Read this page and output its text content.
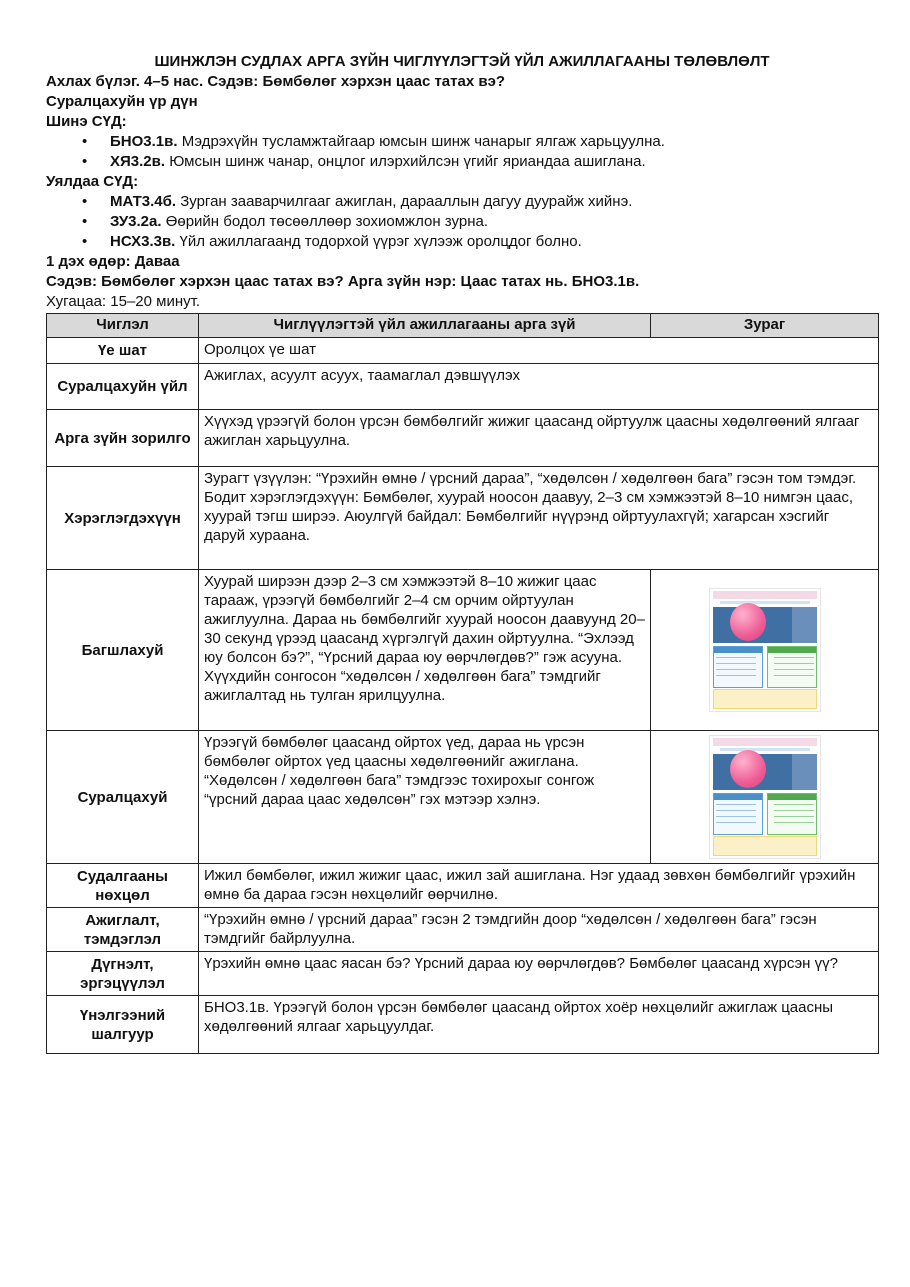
ШИНЖЛЭН СУДЛАХ АРГА ЗҮЙН ЧИГЛҮҮЛЭГТЭЙ ҮЙЛ АЖИЛЛАГААНЫ ТӨЛӨВЛӨЛТ

Ахлах бүлэг. 4–5 нас. Сэдэв: Бөмбөлөг хэрхэн цаас татах вэ?

Суралцахуйн үр дүн

Шинэ СҮД:

• БНО3.1в. Мэдрэхүйн тусламжтайгаар юмсын шинж чанарыг ялгаж харьцуулна.
• ХЯ3.2в. Юмсын шинж чанар, онцлог илэрхийлсэн үгийг яриандаа ашиглана.

Уялдаа СҮД:

• МАТ3.4б. Зурган зааварчилгааг ажиглан, дарааллын дагуу дуурайж хийнэ.
• ЗУ3.2а. Өөрийн бодол төсөөллөөр зохиомжлон зурна.
• НСХ3.3в. Үйл ажиллагаанд тодорхой үүрэг хүлээж оролцдог болно.

1 дэх өдөр: Даваа

Сэдэв: Бөмбөлөг хэрхэн цаас татах вэ? Арга зүйн нэр: Цаас татах нь. БНО3.1в.

Хугацаа: 15–20 минут.

Чиглэл	Чиглүүлэгтэй үйл ажиллагааны арга зүй	Зураг
Үе шат	Оролцох үе шат	
Суралцахуйн үйл	Ажиглах, асуулт асуух, таамаглал дэвшүүлэх	
Арга зүйн зорилго	Хүүхэд үрээгүй болон үрсэн бөмбөлгийг жижиг цаасанд ойртуулж цаасны хөдөлгөөний ялгааг ажиглан харьцуулна.	
Хэрэглэгдэхүүн	Зурагт үзүүлэн: “Үрэхийн өмнө / үрсний дараа”, “хөдөлсөн / хөдөлгөөн бага” гэсэн том тэмдэг. Бодит хэрэглэгдэхүүн: Бөмбөлөг, хуурай ноосон даавуу, 2–3 см хэмжээтэй 8–10 нимгэн цаас, хуурай тэгш ширээ. Аюулгүй байдал: Бөмбөлгийг нүүрэнд ойртуулахгүй; хагарсан хэсгийг даруй хураана.	
Багшлахуй	Хуурай ширээн дээр 2–3 см хэмжээтэй 8–10 жижиг цаас тарааж, үрээгүй бөмбөлгийг 2–4 см орчим ойртуулан ажиглуулна. Дараа нь бөмбөлгийг хуурай ноосон даавуунд 20–30 секунд үрээд цаасанд хүргэлгүй дахин ойртуулна. “Эхлээд юу болсон бэ?”, “Үрсний дараа юу өөрчлөгдөв?” гэж асууна. Хүүхдийн сонгосон “хөдөлсөн / хөдөлгөөн бага” тэмдгийг ажиглалтад нь тулган ярилцуулна.	

Суралцахуй	Үрээгүй бөмбөлөг цаасанд ойртох үед, дараа нь үрсэн бөмбөлөг ойртох үед цаасны хөдөлгөөнийг ажиглана. “Хөдөлсөн / хөдөлгөөн бага” тэмдгээс тохирохыг сонгож “үрсний дараа цаас хөдөлсөн” гэх мэтээр хэлнэ.	

Судалгааны нөхцөл	Ижил бөмбөлөг, ижил жижиг цаас, ижил зай ашиглана. Нэг удаад зөвхөн бөмбөлгийг үрэхийн өмнө ба дараа гэсэн нөхцөлийг өөрчилнө.	
Ажиглалт, тэмдэглэл	“Үрэхийн өмнө / үрсний дараа” гэсэн 2 тэмдгийн доор “хөдөлсөн / хөдөлгөөн бага” гэсэн тэмдгийг байрлуулна.	
Дүгнэлт, эргэцүүлэл	Үрэхийн өмнө цаас яасан бэ? Үрсний дараа юу өөрчлөгдөв? Бөмбөлөг цаасанд хүрсэн үү?	
Үнэлгээний шалгуур	БНО3.1в. Үрээгүй болон үрсэн бөмбөлөг цаасанд ойртох хоёр нөхцөлийг ажиглаж цаасны хөдөлгөөний ялгааг харьцуулдаг.	
